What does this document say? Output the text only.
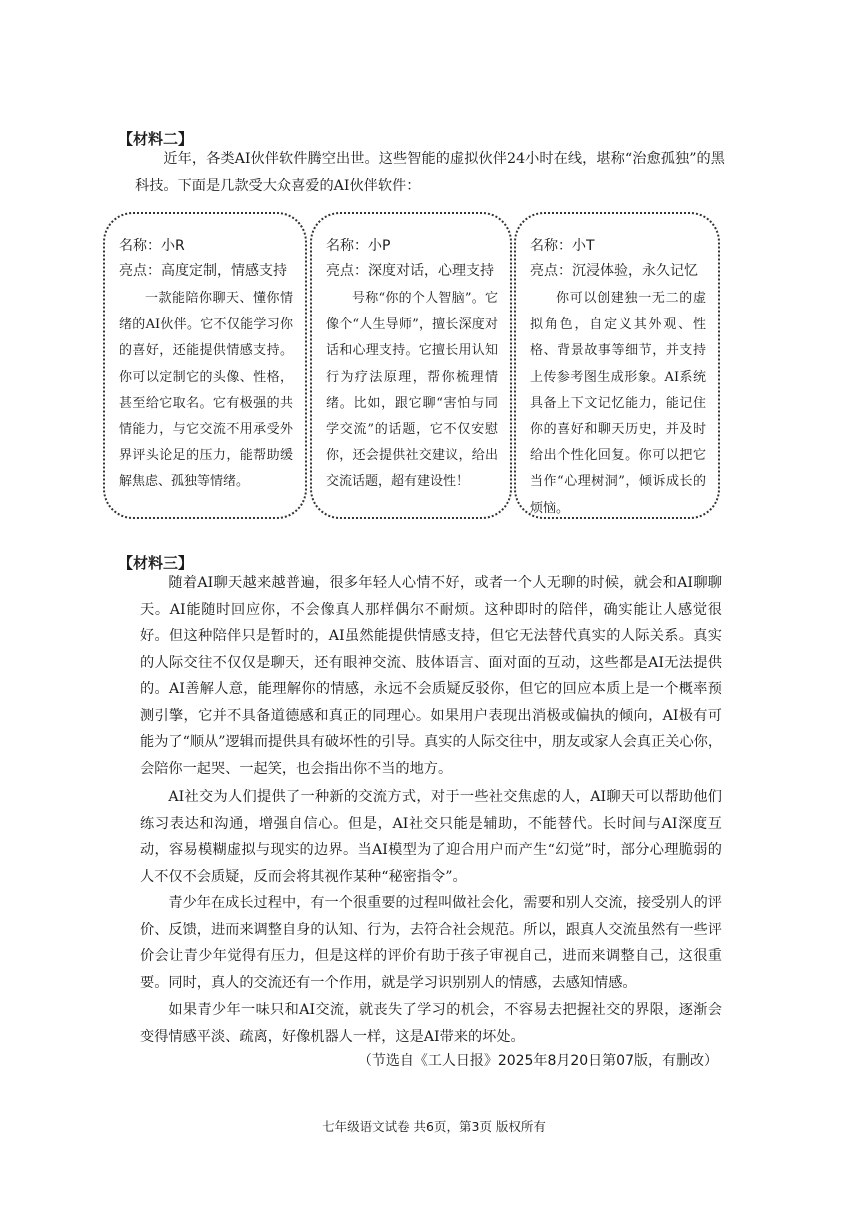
【材料二】
近年，各类AI伙伴软件腾空出世。这些智能的虚拟伙伴24小时在线，堪称“治愈孤独”的黑科技。下面是几款受大众喜爱的AI伙伴软件：
名称：小R
亮点：高度定制，情感支持
一款能陪你聊天、懂你情绪的AI伙伴。它不仅能学习你的喜好，还能提供情感支持。你可以定制它的头像、性格，甚至给它取名。它有极强的共情能力，与它交流不用承受外界评头论足的压力，能帮助缓解焦虑、孤独等情绪。
名称：小P
亮点：深度对话，心理支持
号称“你的个人智脑”。它像个“人生导师”，擅长深度对话和心理支持。它擅长用认知行为疗法原理，帮你梳理情绪。比如，跟它聊“害怕与同学交流”的话题，它不仅安慰你，还会提供社交建议，给出交流话题，超有建设性！
名称：小T
亮点：沉浸体验，永久记忆
你可以创建独一无二的虚拟角色，自定义其外观、性格、背景故事等细节，并支持上传参考图生成形象。AI系统具备上下文记忆能力，能记住你的喜好和聊天历史，并及时给出个性化回复。你可以把它当作“心理树洞”，倾诉成长的烦恼。
【材料三】
随着AI聊天越来越普遍，很多年轻人心情不好，或者一个人无聊的时候，就会和AI聊聊天。AI能随时回应你，不会像真人那样偶尔不耐烦。这种即时的陪伴，确实能让人感觉很好。但这种陪伴只是暂时的，AI虽然能提供情感支持，但它无法替代真实的人际关系。真实的人际交往不仅仅是聊天，还有眼神交流、肢体语言、面对面的互动，这些都是AI无法提供的。AI善解人意，能理解你的情感，永远不会质疑反驳你，但它的回应本质上是一个概率预测引擎，它并不具备道德感和真正的同理心。如果用户表现出消极或偏执的倾向，AI极有可能为了“顺从”逻辑而提供具有破坏性的引导。真实的人际交往中，朋友或家人会真正关心你，会陪你一起哭、一起笑，也会指出你不当的地方。
AI社交为人们提供了一种新的交流方式，对于一些社交焦虑的人，AI聊天可以帮助他们练习表达和沟通，增强自信心。但是，AI社交只能是辅助，不能替代。长时间与AI深度互动，容易模糊虚拟与现实的边界。当AI模型为了迎合用户而产生“幻觉”时，部分心理脆弱的人不仅不会质疑，反而会将其视作某种“秘密指令”。
青少年在成长过程中，有一个很重要的过程叫做社会化，需要和别人交流，接受别人的评价、反馈，进而来调整自身的认知、行为，去符合社会规范。所以，跟真人交流虽然有一些评价会让青少年觉得有压力，但是这样的评价有助于孩子审视自己，进而来调整自己，这很重要。同时，真人的交流还有一个作用，就是学习识别别人的情感，去感知情感。
如果青少年一味只和AI交流，就丧失了学习的机会，不容易去把握社交的界限，逐渐会变得情感平淡、疏离，好像机器人一样，这是AI带来的坏处。
（节选自《工人日报》2025年8月20日第07版，有删改）
七年级语文试卷 共6页，第3页 版权所有
